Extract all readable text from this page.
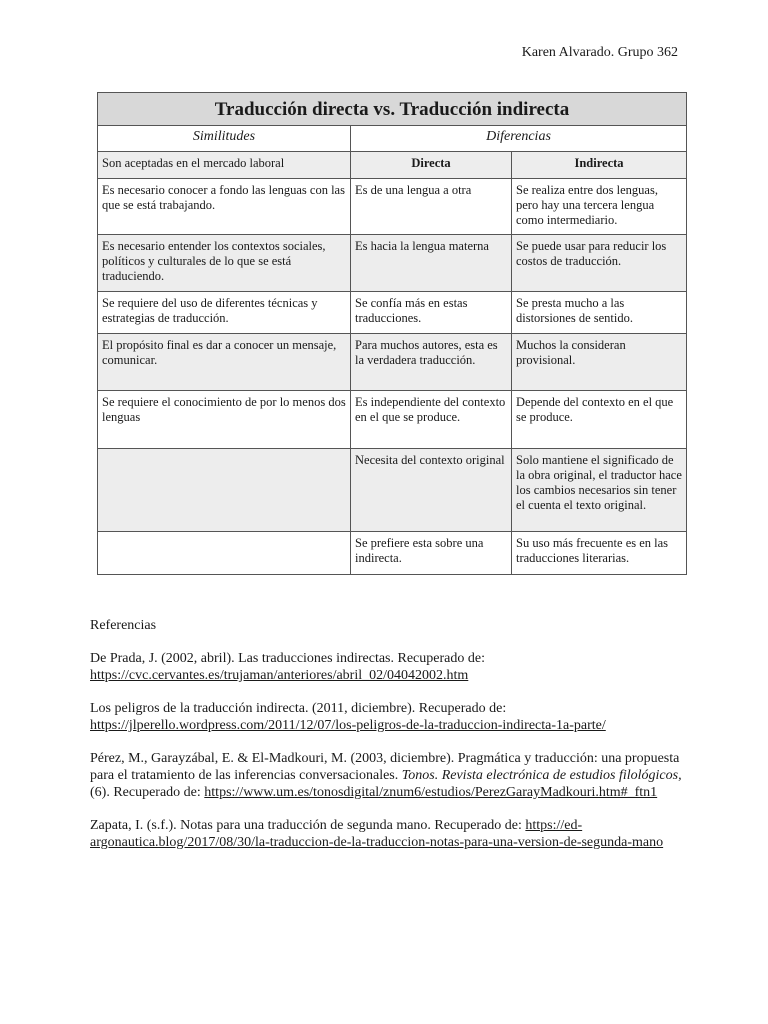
Karen Alvarado. Grupo 362
Traducción directa vs. Traducción indirecta		
Similitudes	Diferencias	
Son aceptadas en el mercado laboral	Directa	Indirecta
Es necesario conocer a fondo las lenguas con las que se está trabajando.	Es de una lengua a otra	Se realiza entre dos lenguas, pero hay una tercera lengua como intermediario.
Es necesario entender los contextos sociales, políticos y culturales de lo que se está traduciendo.	Es hacia la lengua materna	Se puede usar para reducir los costos de traducción.
Se requiere del uso de diferentes técnicas y estrategias de traducción.	Se confía más en estas traducciones.	Se presta mucho a las distorsiones de sentido.
El propósito final es dar a conocer un mensaje, comunicar.	Para muchos autores, esta es la verdadera traducción.	Muchos la consideran provisional.
Se requiere el conocimiento de por lo menos dos lenguas	Es independiente del contexto en el que se produce.	Depende del contexto en el que se produce.
	Necesita del contexto original	Solo mantiene el significado de la obra original, el traductor hace los cambios necesarios sin tener el cuenta el texto original.
	Se prefiere esta sobre una indirecta.	Su uso más frecuente es en las traducciones literarias.

Referencias

De Prada, J. (2002, abril). Las traducciones indirectas. Recuperado de:
https://cvc.cervantes.es/trujaman/anteriores/abril_02/04042002.htm

Los peligros de la traducción indirecta. (2011, diciembre). Recuperado de:
https://jlperello.wordpress.com/2011/12/07/los-peligros-de-la-traduccion-indirecta-1a-parte/

Pérez, M., Garayzábal, E. & El-Madkouri, M. (2003, diciembre). Pragmática y traducción: una propuesta para el tratamiento de las inferencias conversacionales. Tonos. Revista electrónica de estudios filológicos,
(6). Recuperado de: https://www.um.es/tonosdigital/znum6/estudios/PerezGarayMadkouri.htm#_ftn1

Zapata, I. (s.f.). Notas para una traducción de segunda mano. Recuperado de: https://ed-
argonautica.blog/2017/08/30/la-traduccion-de-la-traduccion-notas-para-una-version-de-segunda-mano
